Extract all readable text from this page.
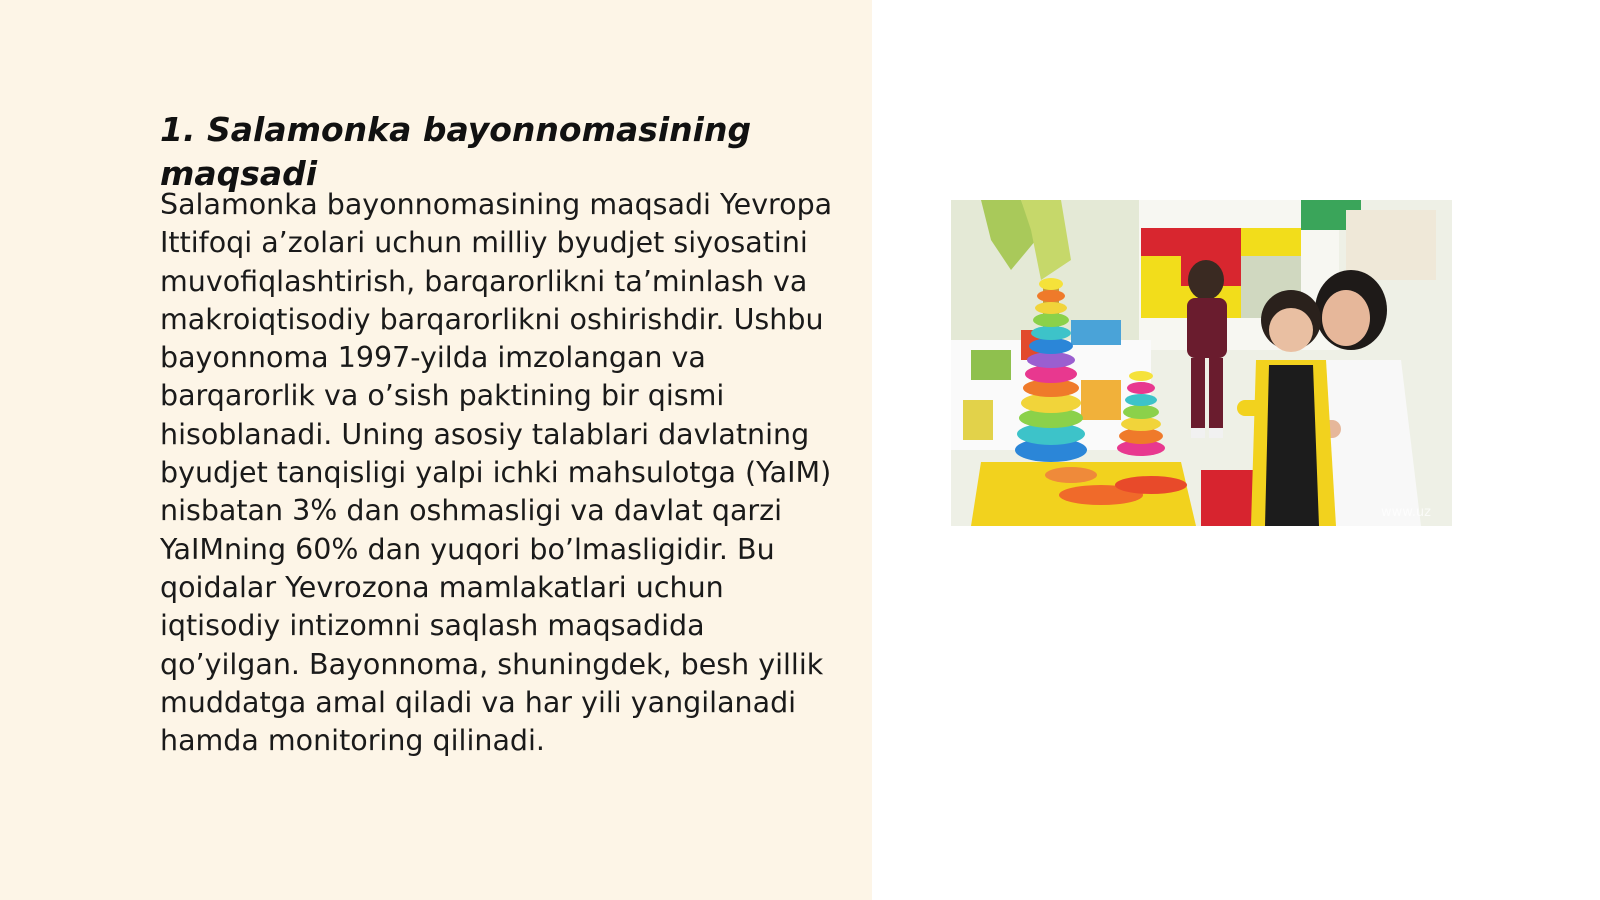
1. Salamonka bayonnomasining maqsadi

Salamonka bayonnomasining maqsadi Yevropa Ittifoqi a’zolari uchun milliy byudjet siyosatini muvofiqlashtirish, barqarorlikni ta’minlash va makroiqtisodiy barqarorlikni oshirishdir. Ushbu bayonnoma 1997-yilda imzolangan va barqarorlik va o’sish paktining bir qismi hisoblanadi. Uning asosiy talablari davlatning byudjet tanqisligi yalpi ichki mahsulotga (YaIM) nisbatan 3% dan oshmasligi va davlat qarzi YaIMning 60% dan yuqori bo’lmasligidir. Bu qoidalar Yevrozona mamlakatlari uchun iqtisodiy intizomni saqlash maqsadida qo’yilgan. Bayonnoma, shuningdek, besh yillik muddatga amal qiladi va har yili yangilanadi hamda monitoring qilinadi.

www.uz
